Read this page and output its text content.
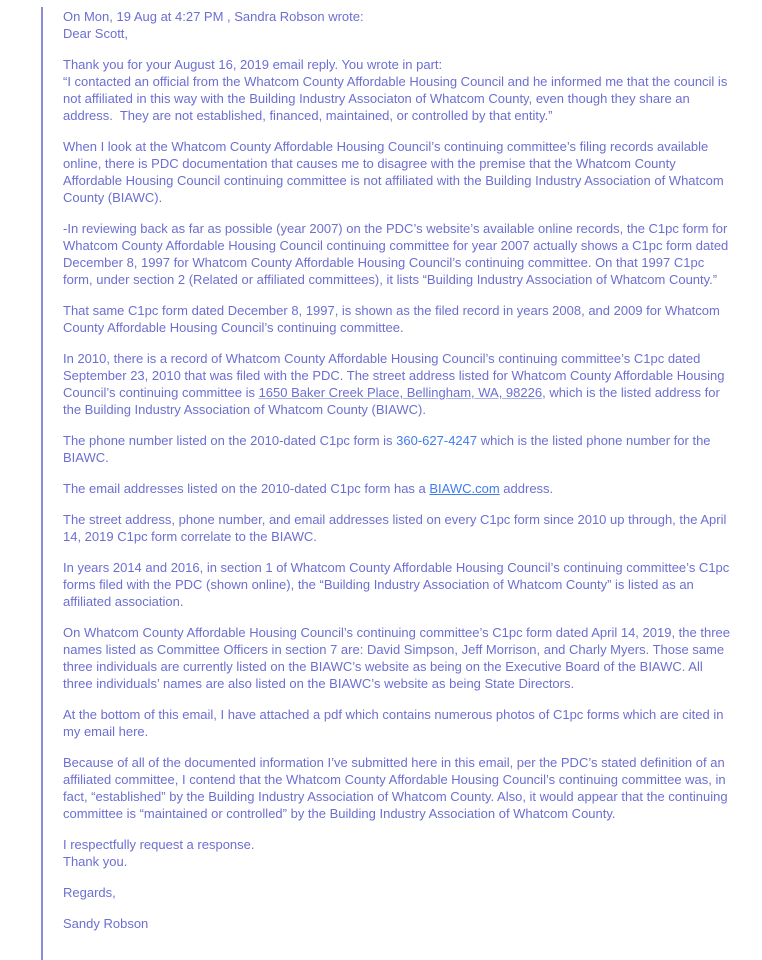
On Mon, 19 Aug at 4:27 PM , Sandra Robson wrote:
Dear Scott,
Thank you for your August 16, 2019 email reply. You wrote in part:
“I contacted an official from the Whatcom County Affordable Housing Council and he informed me that the council is not affiliated in this way with the Building Industry Associaton of Whatcom County, even though they share an address.  They are not established, financed, maintained, or controlled by that entity.”
When I look at the Whatcom County Affordable Housing Council’s continuing committee’s filing records available online, there is PDC documentation that causes me to disagree with the premise that the Whatcom County Affordable Housing Council continuing committee is not affiliated with the Building Industry Association of Whatcom County (BIAWC).
-In reviewing back as far as possible (year 2007) on the PDC’s website’s available online records, the C1pc form for Whatcom County Affordable Housing Council continuing committee for year 2007 actually shows a C1pc form dated December 8, 1997 for Whatcom County Affordable Housing Council’s continuing committee. On that 1997 C1pc form, under section 2 (Related or affiliated committees), it lists “Building Industry Association of Whatcom County.”
That same C1pc form dated December 8, 1997, is shown as the filed record in years 2008, and 2009 for Whatcom County Affordable Housing Council’s continuing committee.
In 2010, there is a record of Whatcom County Affordable Housing Council’s continuing committee’s C1pc dated September 23, 2010 that was filed with the PDC. The street address listed for Whatcom County Affordable Housing Council’s continuing committee is 1650 Baker Creek Place, Bellingham, WA, 98226, which is the listed address for the Building Industry Association of Whatcom County (BIAWC).
The phone number listed on the 2010-dated C1pc form is 360-627-4247 which is the listed phone number for the BIAWC.
The email addresses listed on the 2010-dated C1pc form has a BIAWC.com address.
The street address, phone number, and email addresses listed on every C1pc form since 2010 up through, the April 14, 2019 C1pc form correlate to the BIAWC.
In years 2014 and 2016, in section 1 of Whatcom County Affordable Housing Council’s continuing committee’s C1pc forms filed with the PDC (shown online), the “Building Industry Association of Whatcom County” is listed as an affiliated association.
On Whatcom County Affordable Housing Council’s continuing committee’s C1pc form dated April 14, 2019, the three names listed as Committee Officers in section 7 are: David Simpson, Jeff Morrison, and Charly Myers. Those same three individuals are currently listed on the BIAWC’s website as being on the Executive Board of the BIAWC. All three individuals’ names are also listed on the BIAWC’s website as being State Directors.
At the bottom of this email, I have attached a pdf which contains numerous photos of C1pc forms which are cited in my email here.
Because of all of the documented information I’ve submitted here in this email, per the PDC’s stated definition of an affiliated committee, I contend that the Whatcom County Affordable Housing Council’s continuing committee was, in fact, “established” by the Building Industry Association of Whatcom County. Also, it would appear that the continuing committee is “maintained or controlled” by the Building Industry Association of Whatcom County.
I respectfully request a response.
Thank you.
Regards,
Sandy Robson
